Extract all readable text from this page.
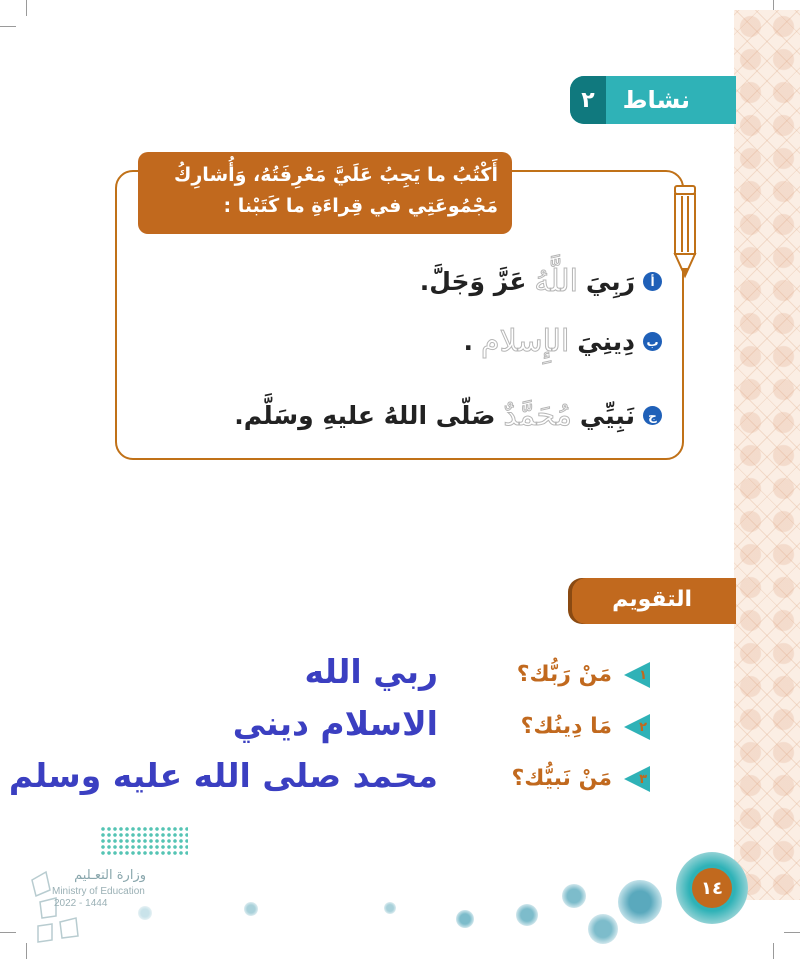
٢	نشاط
أَكْتُبُ ما يَجِبُ عَلَيَّ مَعْرِفَتُهُ، وَأُشارِكُ مَجْمُوعَتِي في قِراءَةِ ما كَتَبْنا :
أ
رَبِيَ
اللَّهُ
عَزَّ وَجَلَّ.
ب
دِينِيَ
الإِسلام
.
ج
نَبِيِّي
مُحَمَّدٌ
صَلّى اللهُ عليهِ وسَلَّم.
التقويم
١
مَنْ رَبُّك؟
ربي الله
٢
مَا دِينُك؟
الاسلام ديني
٣
مَنْ نَبيُّك؟
محمد صلى الله عليه وسلم
وزارة التعـليم
Ministry of Education
2022 - 1444
١٤
